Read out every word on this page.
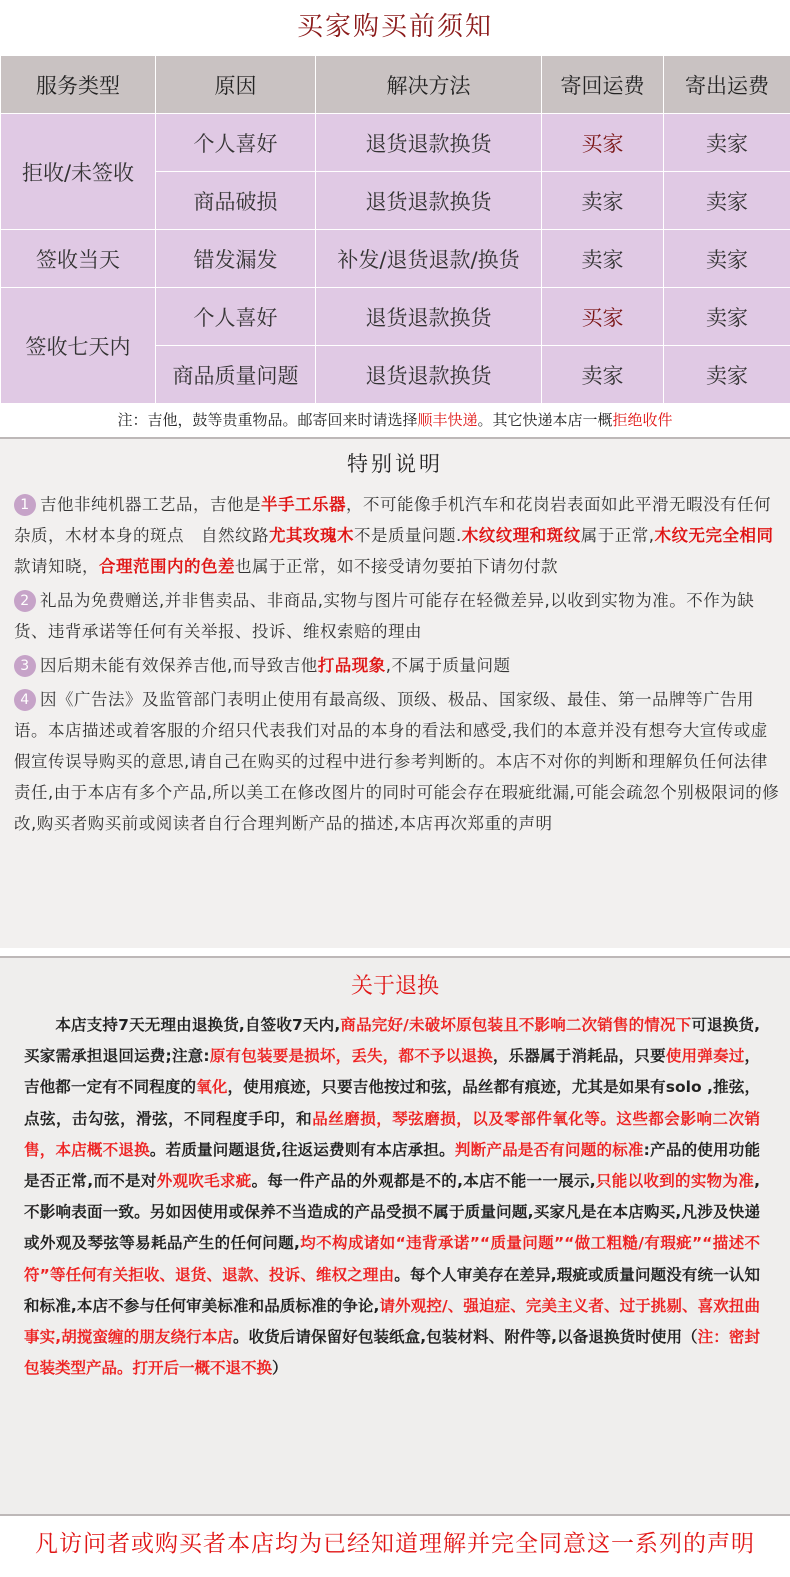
买家购买前须知
服务类型	原因	解决方法	寄回运费	寄出运费
拒收/未签收	个人喜好	退货退款换货	买家	卖家
	商品破损	退货退款换货	卖家	卖家
签收当天	错发漏发	补发/退货退款/换货	卖家	卖家
签收七天内	个人喜好	退货退款换货	买家	卖家
	商品质量问题	退货退款换货	卖家	卖家
注：吉他，鼓等贵重物品。邮寄回来时请选择顺丰快递。其它快递本店一概拒绝收件
特别说明
1 吉他非纯机器工艺品，吉他是半手工乐器，不可能像手机汽车和花岗岩表面如此平滑无暇没有任何杂质，木材本身的斑点　自然纹路尤其玫瑰木不是质量问题.木纹纹理和斑纹属于正常,木纹无完全相同款请知晓，合理范围内的色差也属于正常，如不接受请勿要拍下请勿付款
2 礼品为免费赠送,并非售卖品、非商品,实物与图片可能存在轻微差异,以收到实物为准。不作为缺货、违背承诺等任何有关举报、投诉、维权索赔的理由
3 因后期未能有效保养吉他,而导致吉他打品现象,不属于质量问题
4 因《广告法》及监管部门表明止使用有最高级、顶级、极品、国家级、最佳、第一品牌等广告用语。本店描述或着客服的介绍只代表我们对品的本身的看法和感受,我们的本意并没有想夸大宣传或虚假宣传误导购买的意思,请自己在购买的过程中进行参考判断的。本店不对你的判断和理解负任何法律责任,由于本店有多个产品,所以美工在修改图片的同时可能会存在瑕疵纰漏,可能会疏忽个别极限词的修改,购买者购买前或阅读者自行合理判断产品的描述,本店再次郑重的声明
关于退换
　　本店支持7天无理由退换货,自签收7天内,商品完好/未破坏原包装且不影响二次销售的情况下可退换货,买家需承担退回运费;注意:原有包装要是损坏，丢失，都不予以退换，乐器属于消耗品，只要使用弹奏过，吉他都一定有不同程度的氧化，使用痕迹，只要吉他按过和弦，品丝都有痕迹，尤其是如果有solo ,推弦，点弦，击勾弦，滑弦，不同程度手印，和品丝磨损，琴弦磨损，以及零部件氧化等。这些都会影响二次销售，本店概不退换。若质量问题退货,往返运费则有本店承担。判断产品是否有问题的标准:产品的使用功能是否正常,而不是对外观吹毛求疵。每一件产品的外观都是不的,本店不能一一展示,只能以收到的实物为准,不影响表面一致。另如因使用或保养不当造成的产品受损不属于质量问题,买家凡是在本店购买,凡涉及快递或外观及琴弦等易耗品产生的任何问题,均不构成诸如“违背承诺”“质量问题”“做工粗糙/有瑕疵”“描述不符”等任何有关拒收、退货、退款、投诉、维权之理由。每个人审美存在差异,瑕疵或质量问题没有统一认知和标准,本店不参与任何审美标准和品质标准的争论,请外观控/、强迫症、完美主义者、过于挑剔、喜欢扭曲事实,胡搅蛮缠的朋友绕行本店。收货后请保留好包装纸盒,包装材料、附件等,以备退换货时使用（注：密封包装类型产品。打开后一概不退不换）
凡访问者或购买者本店均为已经知道理解并完全同意这一系列的声明
